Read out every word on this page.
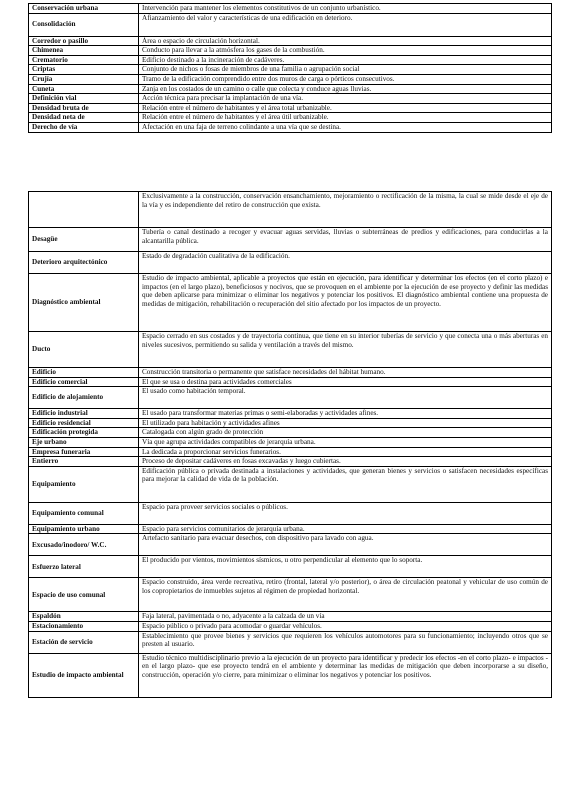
Conservación urbana	Intervención para mantener los elementos constitutivos de un conjunto urbanístico.
Consolidación	Afianzamiento del valor y características de una edificación en deterioro.
Corredor o pasillo	Área o espacio de circulación horizontal.
Chimenea	Conducto para llevar a la atmósfera los gases de la combustión.
Crematorio	Edificio destinado a la incineración de cadáveres.
Criptas	Conjunto de nichos o fosas de miembros de una familia o agrupación social
Crujía	Tramo de la edificación comprendido entre dos muros de carga o pórticos consecutivos.
Cuneta	Zanja en los costados de un camino o calle que colecta y conduce aguas lluvias.
Definición vial	Acción técnica para precisar la implantación de una vía.
Densidad bruta de	Relación entre el número de habitantes y el área total urbanizable.
Densidad neta de	Relación entre el número de habitantes y el área útil urbanizable.
Derecho de vía	Afectación en una faja de terreno colindante a una vía que se destina.
	Exclusivamente a la construcción, conservación ensanchamiento, mejoramiento o rectificación de la misma, la cual se mide desde el eje de la vía y es independiente del retiro de construcción que exista.
Desagüe	Tubería o canal destinado a recoger y evacuar aguas servidas, lluvias o subterráneas de predios y edificaciones, para conducirlas a la alcantarilla pública.
Deterioro arquitectónico	Estado de degradación cualitativa de la edificación.
Diagnóstico ambiental	Estudio de impacto ambiental, aplicable a proyectos que están en ejecución, para identificar y determinar los efectos (en el corto plazo) e impactos (en el largo plazo), beneficiosos y nocivos, que se provoquen en el ambiente por la ejecución de ese proyecto y definir las medidas que deben aplicarse para minimizar o eliminar los negativos y potenciar los positivos. El diagnóstico ambiental contiene una propuesta de medidas de mitigación, rehabilitación o recuperación del sitio afectado por los impactos de un proyecto.
Ducto	Espacio cerrado en sus costados y de trayectoria continua, que tiene en su interior tuberías de servicio y que conecta una o más aberturas en niveles sucesivos, permitiendo su salida y ventilación a través del mismo.
Edificio	Construcción transitoria o permanente que satisface necesidades del hábitat humano.
Edificio comercial	El que se usa o destina para actividades comerciales
Edificio de alojamiento	El usado como habitación temporal.
Edificio industrial	El usado para transformar materias primas o semi-elaboradas y actividades afines.
Edificio residencial	El utilizado para habitación y actividades afines
Edificación protegida	Catalogada con algún grado de protección
Eje urbano	Vía que agrupa actividades compatibles de jerarquía urbana.
Empresa funeraria	La dedicada a proporcionar servicios funerarios.
Entierro	Proceso de depositar cadáveres en fosas excavadas y luego cubiertas.
Equipamiento	Edificación pública o privada destinada a instalaciones y actividades, que generan bienes y servicios o satisfacen necesidades específicas para mejorar la calidad de vida de la población.
Equipamiento comunal	Espacio para proveer servicios sociales o públicos.
Equipamiento urbano	Espacio para servicios comunitarios de jerarquía urbana.
Excusado/inodoro/ W.C.	Artefacto sanitario para evacuar desechos, con dispositivo para lavado con agua.
Esfuerzo lateral	El producido por vientos, movimientos sísmicos, u otro perpendicular al elemento que lo soporta.
Espacio de uso comunal	Espacio construido, área verde recreativa, retiro (frontal, lateral y/o posterior), o área de circulación peatonal y vehicular de uso común de los copropietarios de inmuebles sujetos al régimen de propiedad horizontal.
Espaldón	Faja lateral, pavimentada o no, adyacente a la calzada de un vía
Estacionamiento	Espacio público o privado para acomodar o guardar vehículos.
Estación de servicio	Establecimiento que provee bienes y servicios que requieren los vehículos automotores para su funcionamiento; incluyendo otros que se presten al usuario.
Estudio de impacto ambiental	Estudio técnico multidisciplinario previo a la ejecución de un proyecto para identificar y predecir los efectos -en el corto plazo- e impactos - en el largo plazo- que ese proyecto tendrá en el ambiente y determinar las medidas de mitigación que deben incorporarse a su diseño, construcción, operación y/o cierre, para minimizar o eliminar los negativos y potenciar los positivos.
